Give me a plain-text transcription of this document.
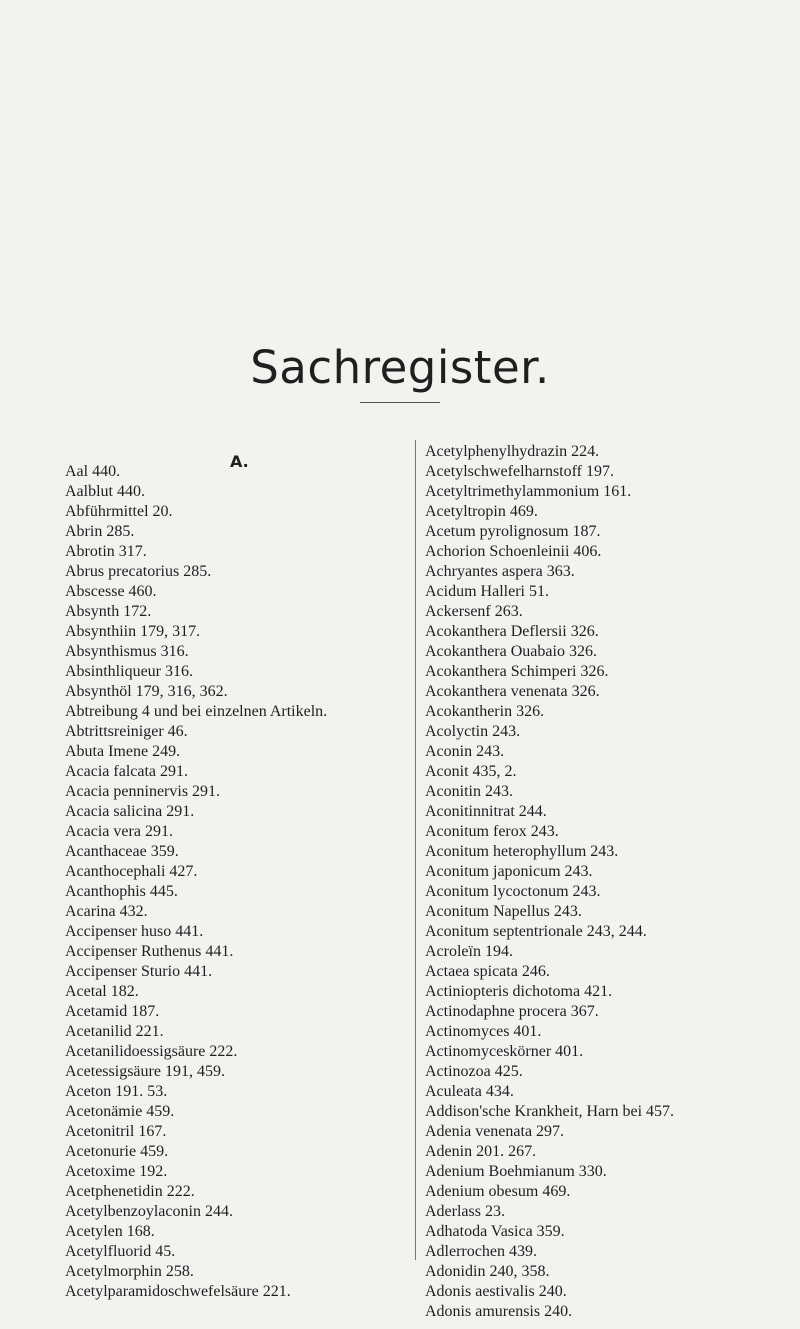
Sachregister.
A.
Aal 440.
Aalblut 440.
Abführmittel 20.
Abrin 285.
Abrotin 317.
Abrus precatorius 285.
Abscesse 460.
Absynth 172.
Absynthiin 179, 317.
Absynthismus 316.
Absinthliqueur 316.
Absynthöl 179, 316, 362.
Abtreibung 4 und bei einzelnen Artikeln.
Abtrittsreiniger 46.
Abuta Imene 249.
Acacia falcata 291.
Acacia penninervis 291.
Acacia salicina 291.
Acacia vera 291.
Acanthaceae 359.
Acanthocephali 427.
Acanthophis 445.
Acarina 432.
Accipenser huso 441.
Accipenser Ruthenus 441.
Accipenser Sturio 441.
Acetal 182.
Acetamid 187.
Acetanilid 221.
Acetanilidoessigsäure 222.
Acetessigsäure 191, 459.
Aceton 191. 53.
Acetonämie 459.
Acetonitril 167.
Acetonurie 459.
Acetoxime 192.
Acetphenetidin 222.
Acetylbenzoylaconin 244.
Acetylen 168.
Acetylfluorid 45.
Acetylmorphin 258.
Acetylparamidoschwefelsäure 221.
Acetylphenylhydrazin 224.
Acetylschwefelharnstoff 197.
Acetyltrimethylammonium 161.
Acetyltropin 469.
Acetum pyrolignosum 187.
Achorion Schoenleinii 406.
Achryantes aspera 363.
Acidum Halleri 51.
Ackersenf 263.
Acokanthera Deflersii 326.
Acokanthera Ouabaio 326.
Acokanthera Schimperi 326.
Acokanthera venenata 326.
Acokantherin 326.
Acolyctin 243.
Aconin 243.
Aconit 435, 2.
Aconitin 243.
Aconitinnitrat 244.
Aconitum ferox 243.
Aconitum heterophyllum 243.
Aconitum japonicum 243.
Aconitum lycoctonum 243.
Aconitum Napellus 243.
Aconitum septentrionale 243, 244.
Acroleïn 194.
Actaea spicata 246.
Actiniopteris dichotoma 421.
Actinodaphne procera 367.
Actinomyces 401.
Actinomyceskörner 401.
Actinozoa 425.
Aculeata 434.
Addison'sche Krankheit, Harn bei 457.
Adenia venenata 297.
Adenin 201. 267.
Adenium Boehmianum 330.
Adenium obesum 469.
Aderlass 23.
Adhatoda Vasica 359.
Adlerrochen 439.
Adonidin 240, 358.
Adonis aestivalis 240.
Adonis amurensis 240.
